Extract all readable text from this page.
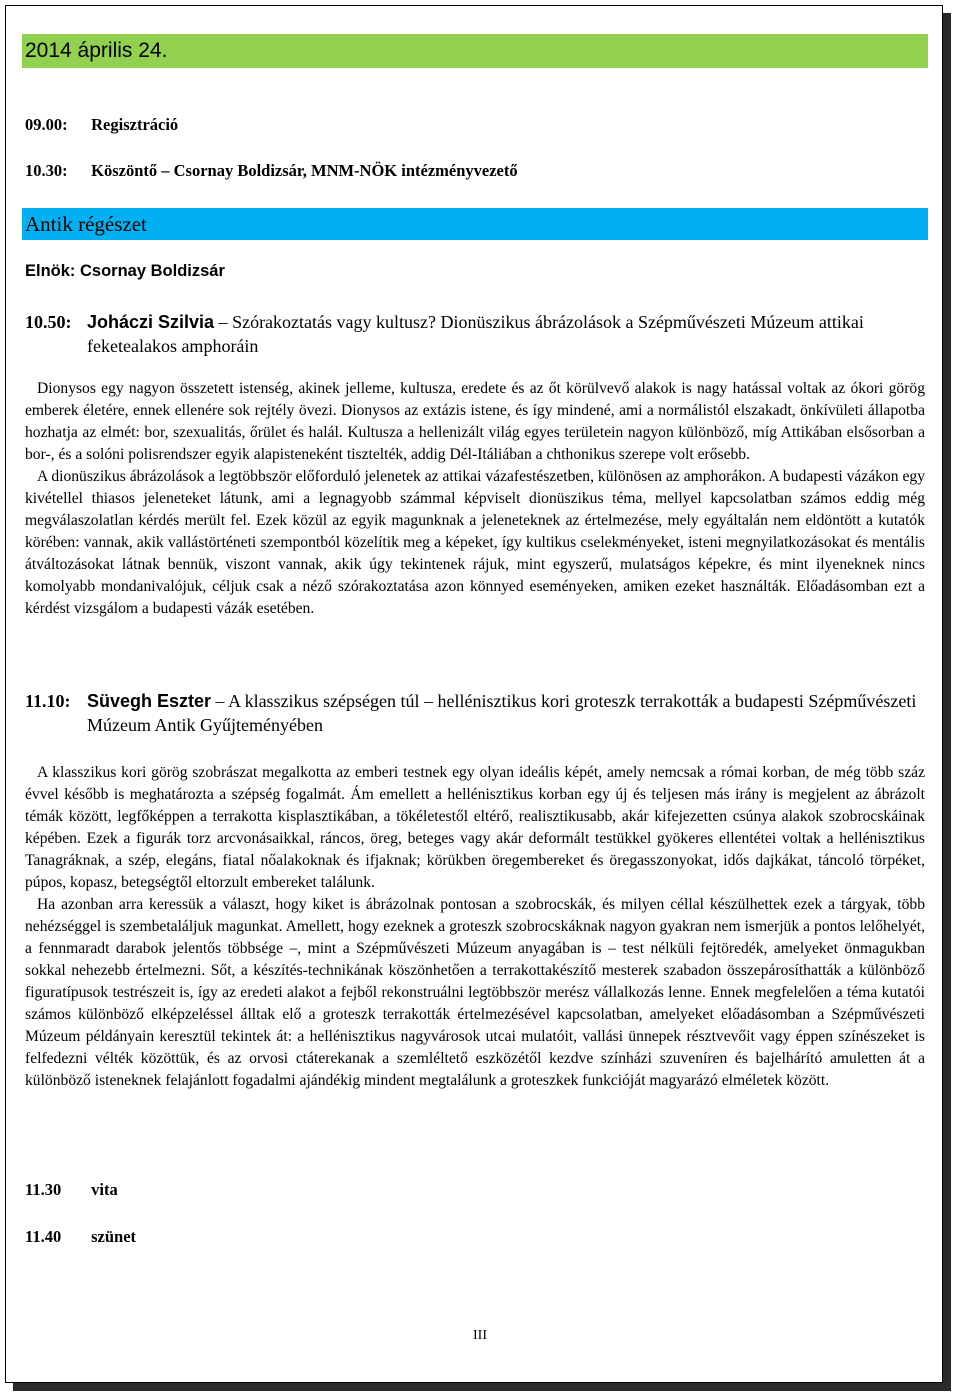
2014 április 24.
09.00: Regisztráció
10.30: Köszöntő – Csornay Boldizsár, MNM-NÖK intézményvezető
Antik régészet
Elnök: Csornay Boldizsár
10.50: Joháczi Szilvia – Szórakoztatás vagy kultusz? Dionüszikus ábrázolások a Szépművészeti Múzeum attikai feketealakos amphoráin

Dionysos egy nagyon összetett istenség, akinek jelleme, kultusza, eredete és az őt körülvevő alakok is nagy hatással voltak az ókori görög emberek életére, ennek ellenére sok rejtély övezi. Dionysos az extázis istene, és így mindené, ami a normálistól elszakadt, önkívületi állapotba hozhatja az elmét: bor, szexualitás, őrület és halál. Kultusza a hellenizált világ egyes területein nagyon különböző, míg Attikában elsősorban a bor-, és a solóni polisrendszer egyik alapisteneként tisztelték, addig Dél-Itáliában a chthonikus szerepe volt erősebb.

A dionüszikus ábrázolások a legtöbbször előforduló jelenetek az attikai vázafestészetben, különösen az amphorákon. A budapesti vázákon egy kivétellel thiasos jeleneteket látunk, ami a legnagyobb számmal képviselt dionüszikus téma, mellyel kapcsolatban számos eddig még megválaszolatlan kérdés merült fel. Ezek közül az egyik magunknak a jeleneteknek az értelmezése, mely egyáltalán nem eldöntött a kutatók körében: vannak, akik vallástörténeti szempontból közelítik meg a képeket, így kultikus cselekményeket, isteni megnyilatkozásokat és mentális átváltozásokat látnak bennük, viszont vannak, akik úgy tekintenek rájuk, mint egyszerű, mulatságos képekre, és mint ilyeneknek nincs komolyabb mondanivalójuk, céljuk csak a néző szórakoztatása azon könnyed eseményeken, amiken ezeket használták. Előadásomban ezt a kérdést vizsgálom a budapesti vázák esetében.

11.10: Süvegh Eszter – A klasszikus szépségen túl – hellénisztikus kori groteszk terrakották a budapesti Szépművészeti Múzeum Antik Gyűjteményében

A klasszikus kori görög szobrászat megalkotta az emberi testnek egy olyan ideális képét, amely nemcsak a római korban, de még több száz évvel később is meghatározta a szépség fogalmát. Ám emellett a hellénisztikus korban egy új és teljesen más irány is megjelent az ábrázolt témák között, legfőképpen a terrakotta kisplasztikában, a tökéletestől eltérő, realisztikusabb, akár kifejezetten csúnya alakok szobrocskáinak képében. Ezek a figurák torz arcvonásaikkal, ráncos, öreg, beteges vagy akár deformált testükkel gyökeres ellentétei voltak a hellénisztikus Tanagráknak, a szép, elegáns, fiatal nőalakoknak és ifjaknak; körükben öregembereket és öregasszonyokat, idős dajkákat, táncoló törpéket, púpos, kopasz, betegségtől eltorzult embereket találunk.

Ha azonban arra keressük a választ, hogy kiket is ábrázolnak pontosan a szobrocskák, és milyen céllal készülhettek ezek a tárgyak, több nehézséggel is szembetaláljuk magunkat. Amellett, hogy ezeknek a groteszk szobrocskáknak nagyon gyakran nem ismerjük a pontos lelőhelyét, a fennmaradt darabok jelentős többsége –, mint a Szépművészeti Múzeum anyagában is – test nélküli fejtöredék, amelyeket önmagukban sokkal nehezebb értelmezni. Sőt, a készítés-technikának köszönhetően a terrakottakészítő mesterek szabadon összepárosíthatták a különböző figuratípusok testrészeit is, így az eredeti alakot a fejből rekonstruálni legtöbbször merész vállalkozás lenne. Ennek megfelelően a téma kutatói számos különböző elképzeléssel álltak elő a groteszk terrakották értelmezésével kapcsolatban, amelyeket előadásomban a Szépművészeti Múzeum példányain keresztül tekintek át: a hellénisztikus nagyvárosok utcai mulatóit, vallási ünnepek résztvevőit vagy éppen színészeket is felfedezni vélték közöttük, és az orvosi ctáterekanak a szemléltető eszközétől kezdve színházi szuveníren és bajelhárító amuletten át a különböző isteneknek felajánlott fogadalmi ajándékig mindent megtalálunk a groteszkek funkcióját magyarázó elméletek között.

11.30 vita
11.40 szünet
III
